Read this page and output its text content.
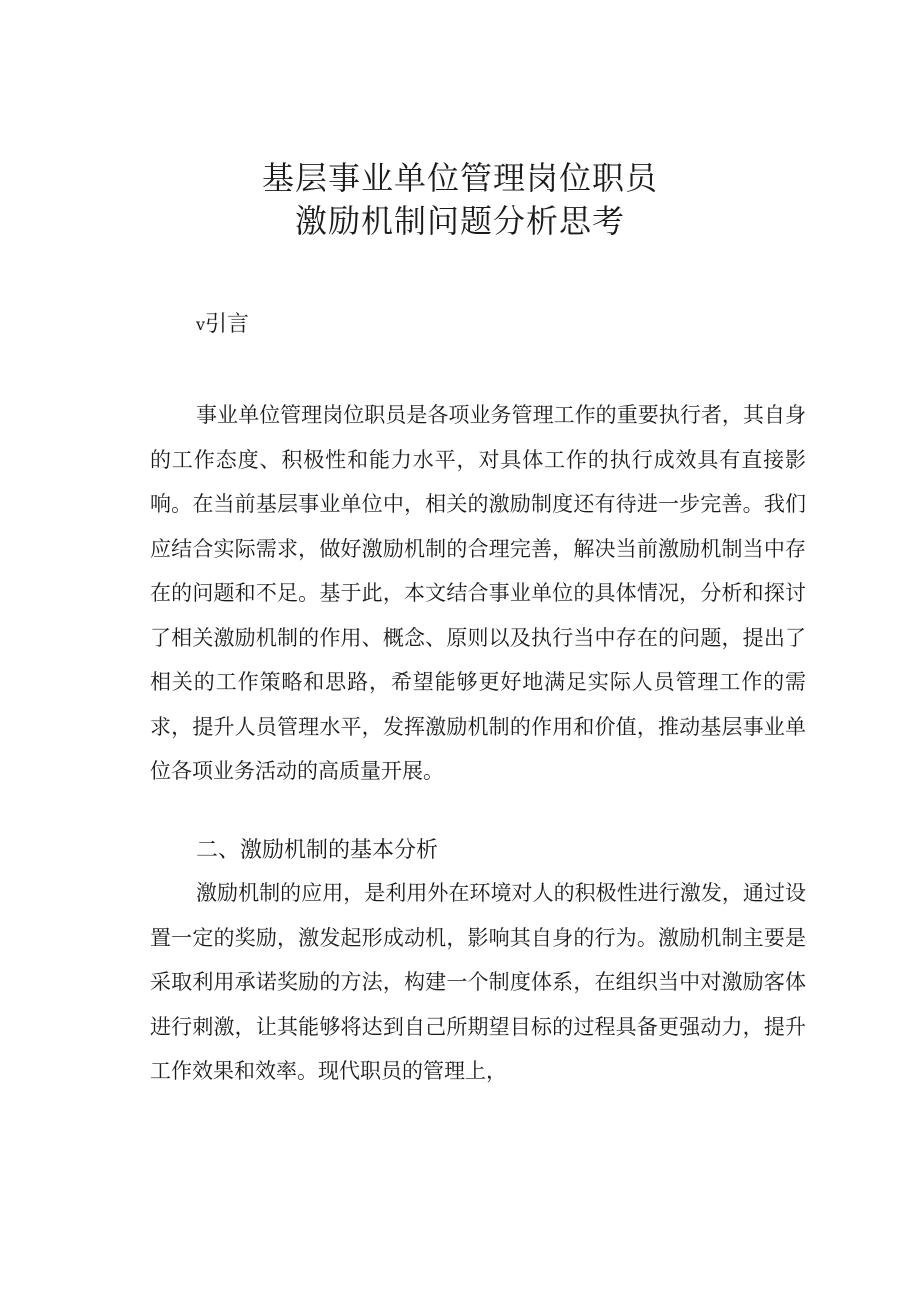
基层事业单位管理岗位职员
激励机制问题分析思考
v引言
事业单位管理岗位职员是各项业务管理工作的重要执行者，其自身的工作态度、积极性和能力水平，对具体工作的执行成效具有直接影响。在当前基层事业单位中，相关的激励制度还有待进一步完善。我们应结合实际需求，做好激励机制的合理完善，解决当前激励机制当中存在的问题和不足。基于此，本文结合事业单位的具体情况，分析和探讨了相关激励机制的作用、概念、原则以及执行当中存在的问题，提出了相关的工作策略和思路，希望能够更好地满足实际人员管理工作的需求，提升人员管理水平，发挥激励机制的作用和价值，推动基层事业单位各项业务活动的高质量开展。
二、激励机制的基本分析
激励机制的应用，是利用外在环境对人的积极性进行激发，通过设置一定的奖励，激发起形成动机，影响其自身的行为。激励机制主要是采取利用承诺奖励的方法，构建一个制度体系，在组织当中对激励客体进行刺激，让其能够将达到自己所期望目标的过程具备更强动力，提升工作效果和效率。现代职员的管理上，
